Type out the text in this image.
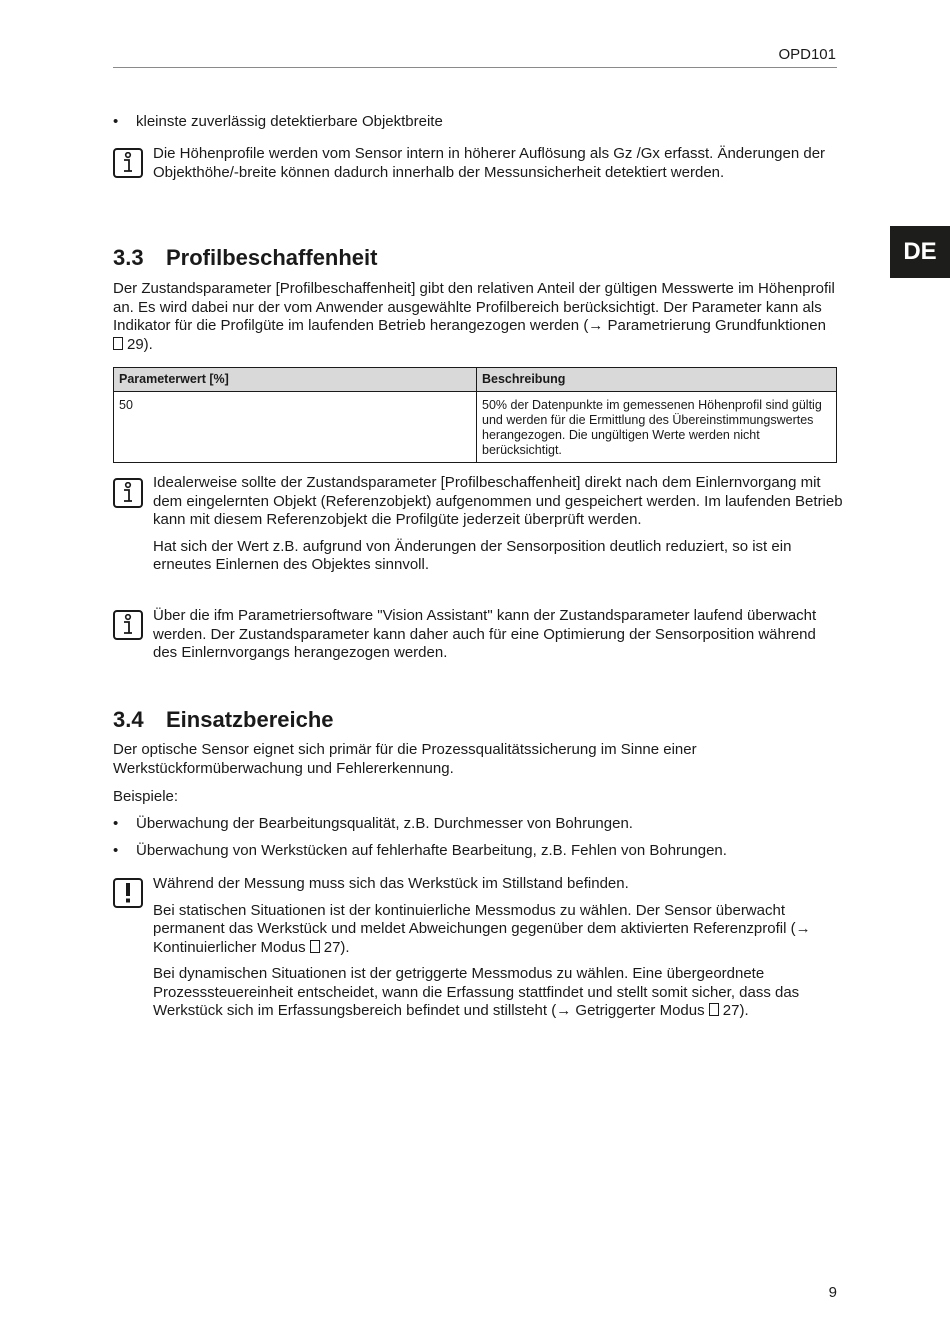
OPD101
DE
•	kleinste zuverlässig detektierbare Objektbreite

Die Höhenprofile werden vom Sensor intern in höherer Auflösung als Gz /Gx erfasst. Änderungen der Objekthöhe/-breite können dadurch innerhalb der Messunsicherheit detektiert werden.

3.3 Profilbeschaffenheit

Der Zustandsparameter [Profilbeschaffenheit] gibt den relativen Anteil der gültigen Messwerte im Höhenprofil an. Es wird dabei nur der vom Anwender ausgewählte Profilbereich berücksichtigt. Der Parameter kann als Indikator für die Profilgüte im laufenden Betrieb herangezogen werden (→ Parametrierung Grundfunktionen 29).

Parameterwert [%]	Beschreibung
50	50% der Datenpunkte im gemessenen Höhenprofil sind gültig und werden für die Ermittlung des Übereinstimmungswertes herangezogen. Die ungültigen Werte werden nicht berücksichtigt.

Idealerweise sollte der Zustandsparameter [Profilbeschaffenheit] direkt nach dem Einlernvorgang mit dem eingelernten Objekt (Referenzobjekt) aufgenommen und gespeichert werden. Im laufenden Betrieb kann mit diesem Referenzobjekt die Profilgüte jederzeit überprüft werden.

Hat sich der Wert z.B. aufgrund von Änderungen der Sensorposition deutlich reduziert, so ist ein erneutes Einlernen des Objektes sinnvoll.

Über die ifm Parametriersoftware "Vision Assistant" kann der Zustandsparameter laufend überwacht werden. Der Zustandsparameter kann daher auch für eine Optimierung der Sensorposition während des Einlernvorgangs herangezogen werden.

3.4 Einsatzbereiche

Der optische Sensor eignet sich primär für die Prozessqualitätssicherung im Sinne einer Werkstückformüberwachung und Fehlererkennung.

Beispiele:

•	Überwachung der Bearbeitungsqualität, z.B. Durchmesser von Bohrungen.
•	Überwachung von Werkstücken auf fehlerhafte Bearbeitung, z.B. Fehlen von Bohrungen.

Während der Messung muss sich das Werkstück im Stillstand befinden.

Bei statischen Situationen ist der kontinuierliche Messmodus zu wählen. Der Sensor überwacht permanent das Werkstück und meldet Abweichungen gegenüber dem aktivierten Referenzprofil (→ Kontinuierlicher Modus 27).

Bei dynamischen Situationen ist der getriggerte Messmodus zu wählen. Eine übergeordnete Prozesssteuereinheit entscheidet, wann die Erfassung stattfindet und stellt somit sicher, dass das Werkstück sich im Erfassungsbereich befindet und stillsteht (→ Getriggerter Modus 27).

9
